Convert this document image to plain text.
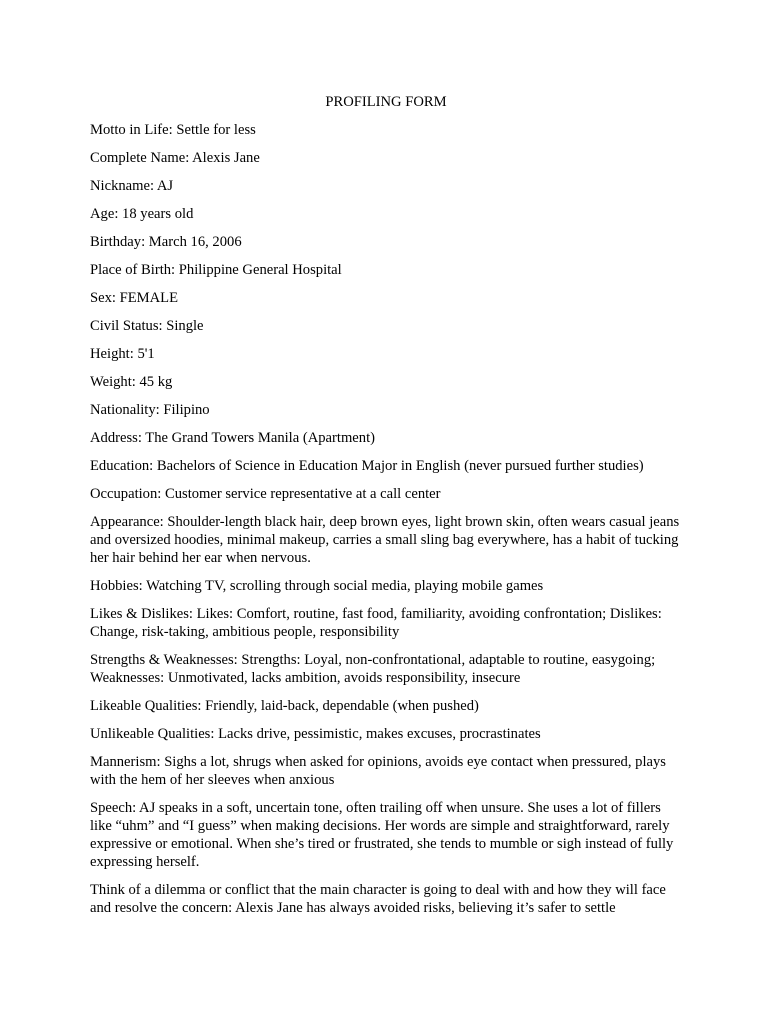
PROFILING FORM
Motto in Life: Settle for less
Complete Name: Alexis Jane
Nickname: AJ
Age: 18 years old
Birthday: March 16, 2006
Place of Birth: Philippine General Hospital
Sex: FEMALE
Civil Status: Single
Height: 5'1
Weight: 45 kg
Nationality: Filipino
Address: The Grand Towers Manila (Apartment)
Education: Bachelors of Science in Education Major in English (never pursued further studies)
Occupation: Customer service representative at a call center
Appearance: Shoulder-length black hair, deep brown eyes, light brown skin, often wears casual jeans and oversized hoodies, minimal makeup, carries a small sling bag everywhere, has a habit of tucking her hair behind her ear when nervous.
Hobbies: Watching TV, scrolling through social media, playing mobile games
Likes & Dislikes: Likes: Comfort, routine, fast food, familiarity, avoiding confrontation; Dislikes: Change, risk-taking, ambitious people, responsibility
Strengths & Weaknesses: Strengths: Loyal, non-confrontational, adaptable to routine, easygoing; Weaknesses: Unmotivated, lacks ambition, avoids responsibility, insecure
Likeable Qualities: Friendly, laid-back, dependable (when pushed)
Unlikeable Qualities: Lacks drive, pessimistic, makes excuses, procrastinates
Mannerism: Sighs a lot, shrugs when asked for opinions, avoids eye contact when pressured, plays with the hem of her sleeves when anxious
Speech: AJ speaks in a soft, uncertain tone, often trailing off when unsure. She uses a lot of fillers like “uhm” and “I guess” when making decisions. Her words are simple and straightforward, rarely expressive or emotional. When she’s tired or frustrated, she tends to mumble or sigh instead of fully expressing herself.
Think of a dilemma or conflict that the main character is going to deal with and how they will face and resolve the concern: Alexis Jane has always avoided risks, believing it’s safer to settle
